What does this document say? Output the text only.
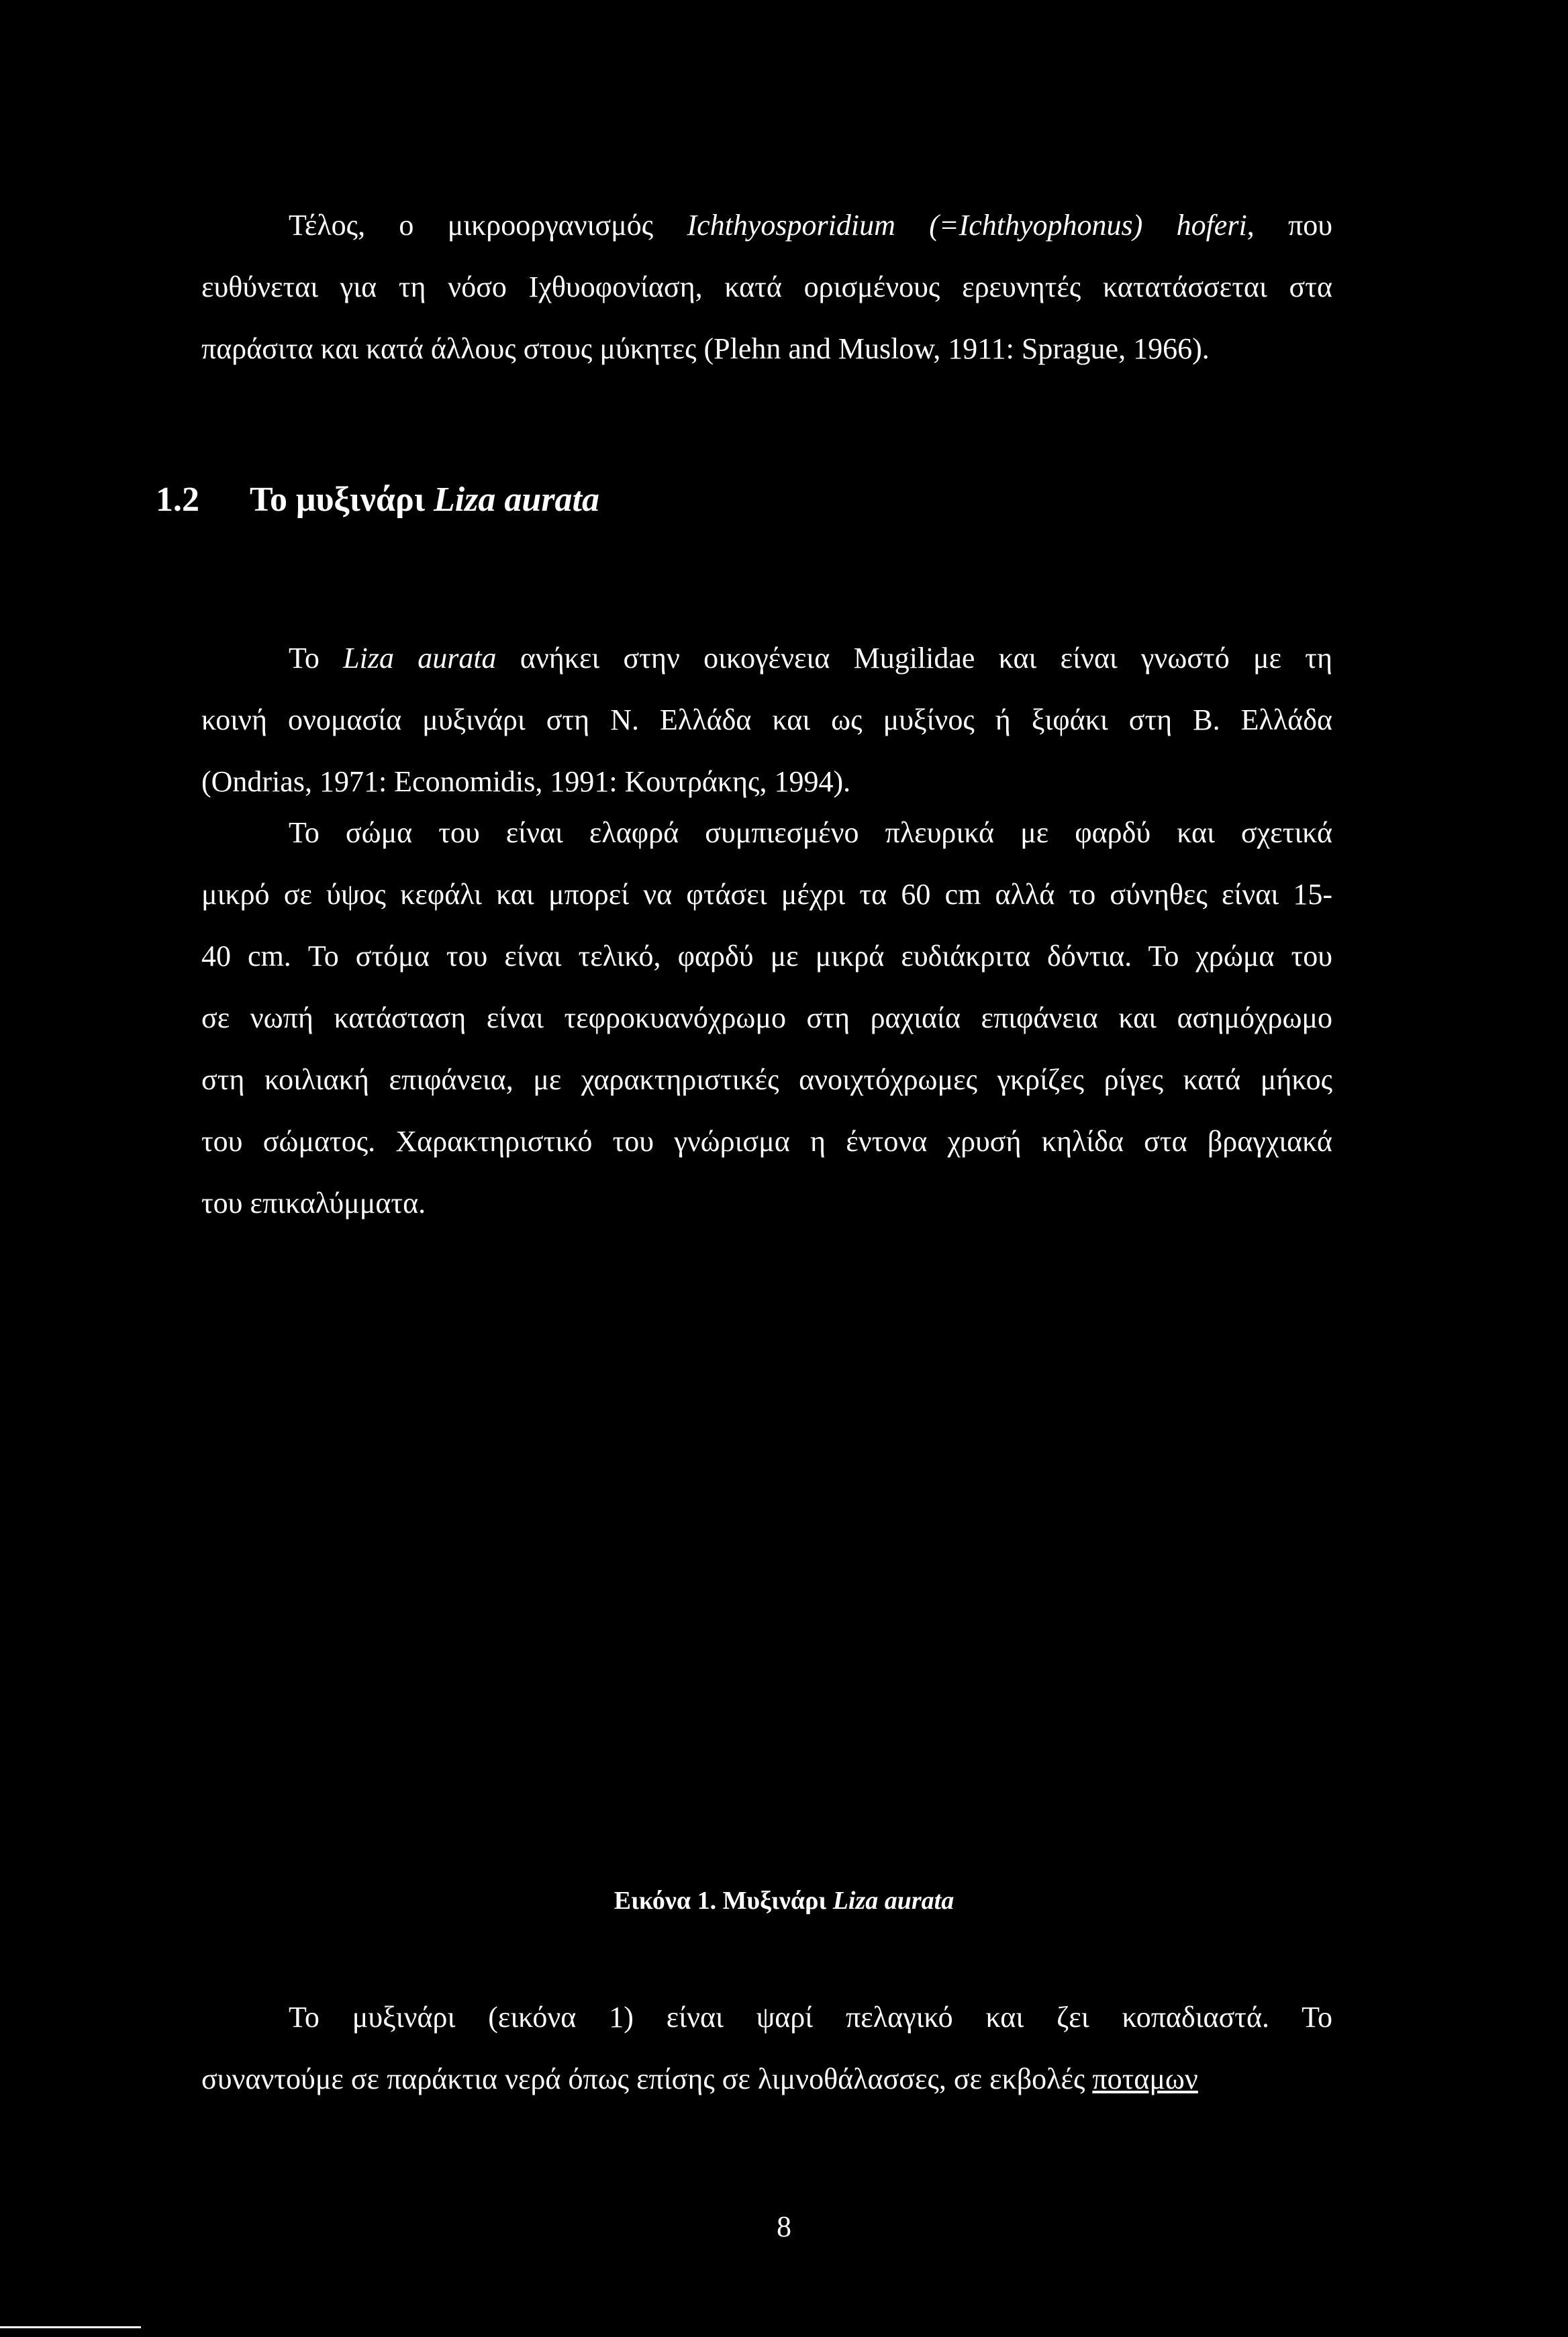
Τέλος, ο μικροοργανισμός Ichthyosporidium (=Ichthyophonus) hoferi, που
ευθύνεται για τη νόσο Ιχθυοφονίαση, κατά ορισμένους ερευνητές κατατάσσεται στα
παράσιτα και κατά άλλους στους μύκητες (Plehn and Muslow, 1911: Sprague, 1966).
1.2 Το μυξινάρι Liza aurata
Το Liza aurata ανήκει στην οικογένεια Mugilidae και είναι γνωστό με τη
κοινή ονομασία μυξινάρι στη Ν. Ελλάδα και ως μυξίνος ή ξιφάκι στη Β. Ελλάδα
(Ondrias, 1971: Economidis, 1991: Κουτράκης, 1994).
Το σώμα του είναι ελαφρά συμπιεσμένο πλευρικά με φαρδύ και σχετικά
μικρό σε ύψος κεφάλι και μπορεί να φτάσει μέχρι τα 60 cm αλλά το σύνηθες είναι 15-
40 cm. Το στόμα του είναι τελικό, φαρδύ με μικρά ευδιάκριτα δόντια. Το χρώμα του
σε νωπή κατάσταση είναι τεφροκυανόχρωμο στη ραχιαία επιφάνεια και ασημόχρωμο
στη κοιλιακή επιφάνεια, με χαρακτηριστικές ανοιχτόχρωμες γκρίζες ρίγες κατά μήκος
του σώματος. Χαρακτηριστικό του γνώρισμα η έντονα χρυσή κηλίδα στα βραγχιακά
του επικαλύμματα.

Εικόνα 1. Μυξινάρι Liza aurata

Το μυξινάρι (εικόνα 1) είναι ψαρί πελαγικό και ζει κοπαδιαστά. Το
συναντούμε σε παράκτια νερά όπως επίσης σε λιμνοθάλασσες, σε εκβολές ποταμων

8
